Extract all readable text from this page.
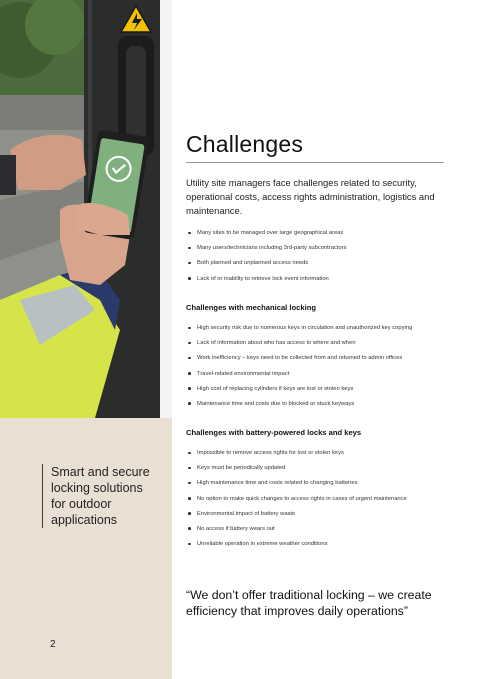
Smart and secure

locking solutions

for outdoor

applications

2
Challenges

Utility site managers face challenges related to security, operational costs, access rights administration, logistics and maintenance.

Many sites to be managed over large geographical areas
Many users/technicians including 3rd-party subcontractors
Both planned and unplanned access needs
Lack of or inability to retrieve lock event information
Challenges with mechanical locking
High security risk due to numerous keys in circulation and unauthorized key copying
Lack of information about who has access to where and when
Work inefficiency – keys need to be collected from and returned to admin offices
Travel-related environmental impact
High cost of replacing cylinders if keys are lost or stolen keys
Maintenance time and costs due to blocked or stuck keyways
Challenges with battery-powered locks and keys
Impossible to remove access rights for lost or stolen keys
Keys must be periodically updated
High maintenance time and costs related to changing batteries
No option to make quick changes to access rights in cases of urgent maintenance
Environmental impact of battery waste
No access if battery wears out
Unreliable operation in extreme weather conditions

“We don’t offer traditional locking – we create efficiency that improves daily operations”
